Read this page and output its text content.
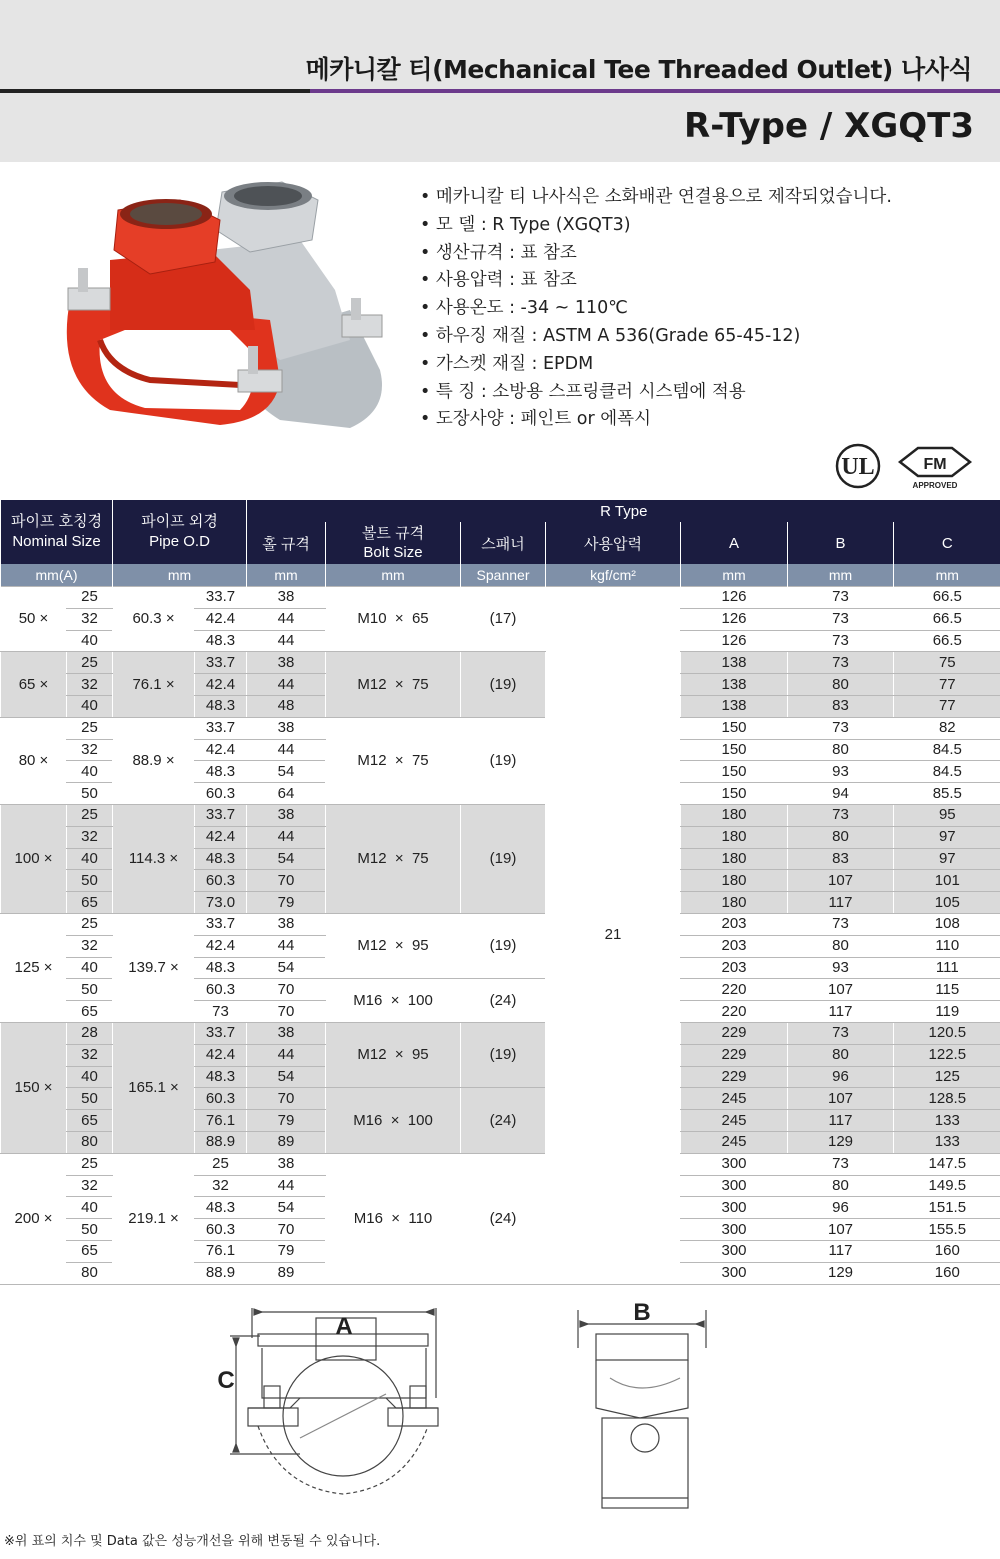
메카니칼 티(Mechanical Tee Threaded Outlet) 나사식
R-Type / XGQT3
• 메카니칼 티 나사식은 소화배관 연결용으로 제작되었습니다.
• 모 델 : R Type (XGQT3)
• 생산규격 : 표 참조
• 사용압력 : 표 참조
• 사용온도 : -34 ~ 110℃
• 하우징 재질 : ASTM A 536(Grade 65-45-12)
• 가스켓 재질 : EPDM
• 특 징 : 소방용 스프링클러 시스템에 적용
• 도장사양 : 페인트 or 에폭시
UL	FM
APPROVED
파이프 호칭경
Nominal Size		파이프 외경
Pipe O.D		R Type						
				홀 규격	볼트 규격
Bolt Size	스패너	사용압력	A	B	C
mm(A)		mm		mm	mm	Spanner	kgf/cm²	mm	mm	mm
50 ×	25	60.3 ×	33.7	38	M10  ×  65	(17)	21	126	73	66.5
	32		42.4	44				126	73	66.5
	40		48.3	44				126	73	66.5
65 ×	25	76.1 ×	33.7	38	M12  ×  75	(19)		138	73	75
	32		42.4	44				138	80	77
	40		48.3	48				138	83	77
80 ×	25	88.9 ×	33.7	38	M12  ×  75	(19)		150	73	82
	32		42.4	44				150	80	84.5
	40		48.3	54				150	93	84.5
	50		60.3	64				150	94	85.5
100 ×	25	114.3 ×	33.7	38	M12  ×  75	(19)		180	73	95
	32		42.4	44				180	80	97
	40		48.3	54				180	83	97
	50		60.3	70				180	107	101
	65		73.0	79				180	117	105
125 ×	25	139.7 ×	33.7	38	M12  ×  95	(19)		203	73	108
	32		42.4	44				203	80	110
	40		48.3	54				203	93	111
	50		60.3	70	M16  ×  100	(24)		220	107	115
	65		73	70				220	117	119
150 ×	28	165.1 ×	33.7	38	M12  ×  95	(19)		229	73	120.5
	32		42.4	44				229	80	122.5
	40		48.3	54				229	96	125
	50		60.3	70	M16  ×  100	(24)		245	107	128.5
	65		76.1	79				245	117	133
	80		88.9	89				245	129	133
200 ×	25	219.1 ×	25	38	M16  ×  110	(24)		300	73	147.5
	32		32	44				300	80	149.5
	40		48.3	54				300	96	151.5
	50		60.3	70				300	107	155.5
	65		76.1	79				300	117	160
	80		88.9	89				300	129	160
A
C
B
※위 표의 치수 및 Data 값은 성능개선을 위해 변동될 수 있습니다.
